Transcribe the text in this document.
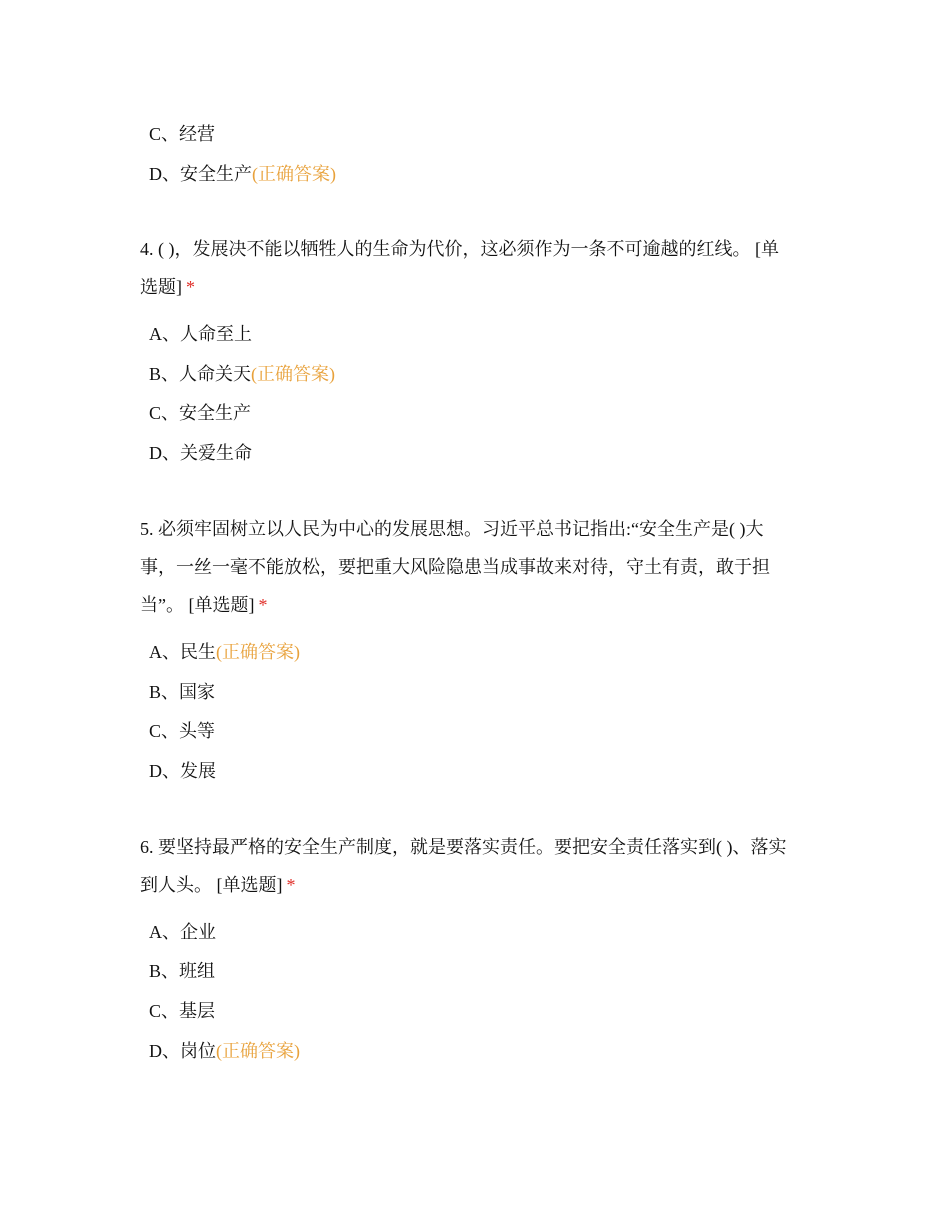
C、经营
D、安全生产(正确答案)
4. ( )，发展决不能以牺牲人的生命为代价，这必须作为一条不可逾越的红线。 [单
选题] *
A、人命至上
B、人命关天(正确答案)
C、安全生产
D、关爱生命
5. 必须牢固树立以人民为中心的发展思想。习近平总书记指出:“安全生产是( )大
事，一丝一毫不能放松，要把重大风险隐患当成事故来对待，守土有责，敢于担
当”。 [单选题] *
A、民生(正确答案)
B、国家
C、头等
D、发展
6. 要坚持最严格的安全生产制度，就是要落实责任。要把安全责任落实到( )、落实
到人头。 [单选题] *
A、企业
B、班组
C、基层
D、岗位(正确答案)
